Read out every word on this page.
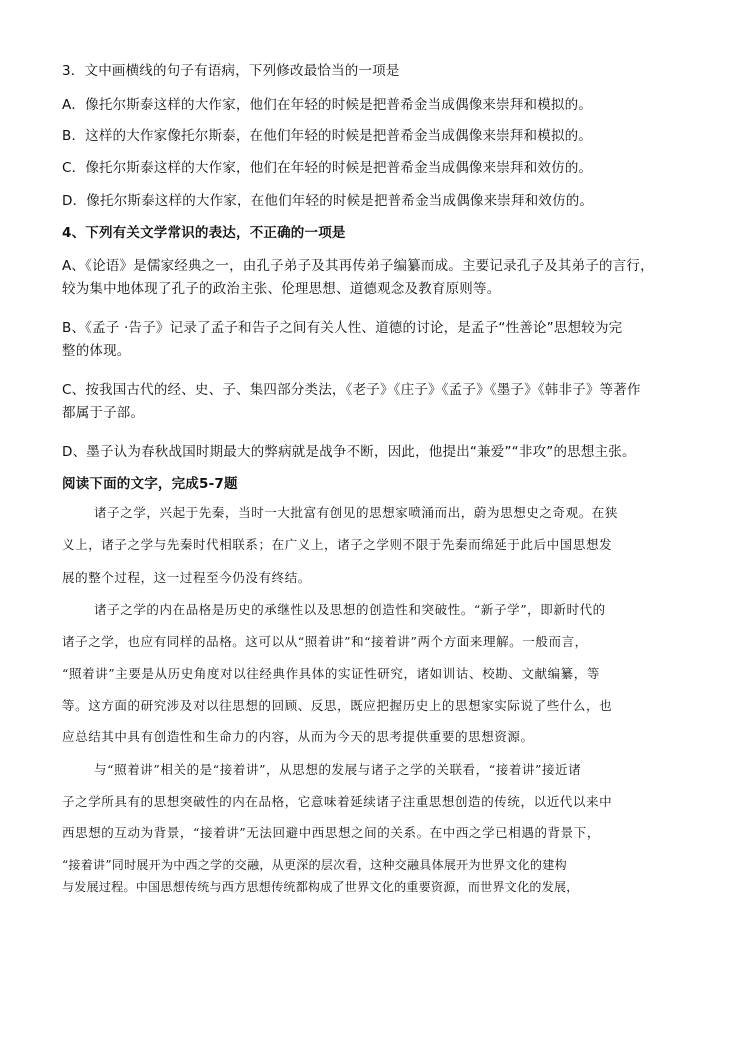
3．文中画横线的句子有语病，下列修改最恰当的一项是
A．像托尔斯泰这样的大作家，他们在年轻的时候是把普希金当成偶像来崇拜和模拟的。
B．这样的大作家像托尔斯泰，在他们年轻的时候是把普希金当成偶像来崇拜和模拟的。
C．像托尔斯泰这样的大作家，他们在年轻的时候是把普希金当成偶像来崇拜和效仿的。
D．像托尔斯泰这样的大作家，在他们年轻的时候是把普希金当成偶像来崇拜和效仿的。
4、下列有关文学常识的表达，不正确的一项是
A、《论语》是儒家经典之一，由孔子弟子及其再传弟子编纂而成。主要记录孔子及其弟子的言行，
较为集中地体现了孔子的政治主张、伦理思想、道德观念及教育原则等。
B、《孟子 ·告子》记录了孟子和告子之间有关人性、道德的讨论，是孟子“性善论”思想较为完
整的体现。
C、按我国古代的经、史、子、集四部分类法，《老子》《庄子》《孟子》《墨子》《韩非子》等著作
都属于子部。
D、墨子认为春秋战国时期最大的弊病就是战争不断，因此，他提出“兼爱”“非攻”的思想主张。
阅读下面的文字，完成5-7题
诸子之学，兴起于先秦，当时一大批富有创见的思想家喷涌而出，蔚为思想史之奇观。在狭
义上，诸子之学与先秦时代相联系；在广义上，诸子之学则不限于先秦而绵延于此后中国思想发
展的整个过程，这一过程至今仍没有终结。
诸子之学的内在品格是历史的承继性以及思想的创造性和突破性。“新子学”，即新时代的
诸子之学，也应有同样的品格。这可以从“照着讲”和“接着讲”两个方面来理解。一般而言，
“照着讲”主要是从历史角度对以往经典作具体的实证性研究，诸如训诂、校勘、文献编纂，等
等。这方面的研究涉及对以往思想的回顾、反思，既应把握历史上的思想家实际说了些什么，也
应总结其中具有创造性和生命力的内容，从而为今天的思考提供重要的思想资源。
与“照着讲”相关的是“接着讲”，从思想的发展与诸子之学的关联看，“接着讲”接近诸
子之学所具有的思想突破性的内在品格，它意味着延续诸子注重思想创造的传统，以近代以来中
西思想的互动为背景，“接着讲”无法回避中西思想之间的关系。在中西之学已相遇的背景下，
“接着讲”同时展开为中西之学的交融，从更深的层次看，这种交融具体展开为世界文化的建构
与发展过程。中国思想传统与西方思想传统都构成了世界文化的重要资源，而世界文化的发展，
